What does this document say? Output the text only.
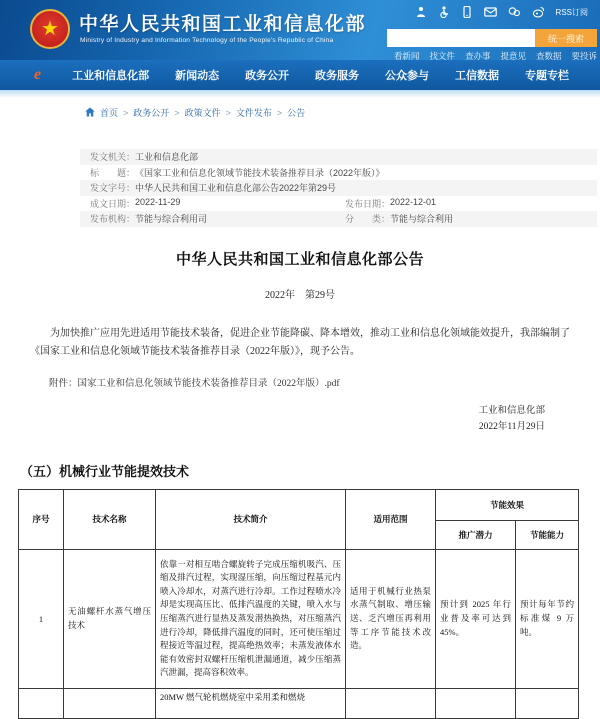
★	中华人民共和国工业和信息化部
Ministry of Industry and Information Technology of the People's Republic of China
RSS订阅
统一搜索
看新闻 找文件 查办事 提意见 查数据 要投诉
e	工业和信息化部 新闻动态 政务公开 政务服务 公众参与 工信数据 专题专栏
首页 > 政务公开 > 政策文件 > 文件发布 > 公告
发文机关： 工业和信息化部
标　　题： 《国家工业和信息化领域节能技术装备推荐目录（2022年版）》
发文字号： 中华人民共和国工业和信息化部公告2022年第29号
成文日期： 2022-11-29	发布日期： 2022-12-01
发布机构： 节能与综合利用司	分　　类： 节能与综合利用
中华人民共和国工业和信息化部公告
2022年　第29号
为加快推广应用先进适用节能技术装备，促进企业节能降碳、降本增效，推动工业和信息化领域能效提升，我部编制了《国家工业和信息化领域节能技术装备推荐目录（2022年版）》，现予公告。
附件：国家工业和信息化领域节能技术装备推荐目录（2022年版）.pdf
工业和信息化部
2022年11月29日
（五）机械行业节能提效技术
序号	技术名称	技术简介	适用范围	节能效果	
				推广潜力	节能能力
1	无油螺杆水蒸气增压技术	依靠一对相互啮合螺旋转子完成压缩机吸汽、压缩及排汽过程，实现湿压缩，向压缩过程基元内喷入冷却水，对蒸汽进行冷却。工作过程喷水冷却是实现高压比、低排汽温度的关键，喷入水与压缩蒸汽进行显热及蒸发潜热换热，对压缩蒸汽进行冷却，降低排汽温度的同时，还可使压缩过程接近等温过程，提高绝热效率；未蒸发液体水能有效密封双螺杆压缩机泄漏通道，减少压缩蒸汽泄漏，提高容积效率。	适用于机械行业热泵水蒸气制取、增压输送、乏汽增压再利用等工序节能技术改造。	预计到 2025 年行业普及率可达到 45%。	预计每年节约标准煤 9 万吨。
		20MW 燃气轮机燃烧室中采用柔和燃烧			
